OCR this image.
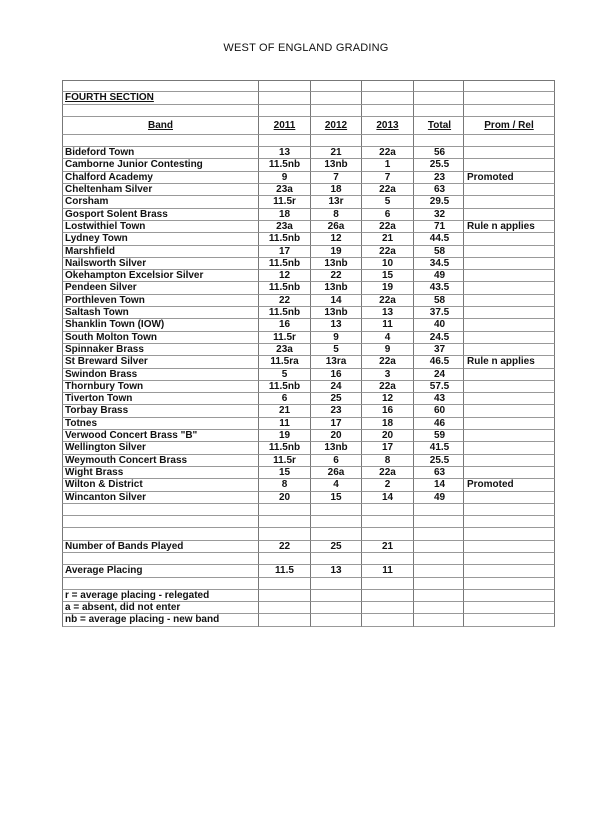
WEST OF ENGLAND GRADING
FOURTH SECTION
Band	2011	2012	2013	Total	Prom / Rel
Bideford Town	13	21	22a	56
Camborne Junior Contesting	11.5nb	13nb	1	25.5
Chalford Academy	9	7	7	23	Promoted
Cheltenham Silver	23a	18	22a	63
Corsham	11.5r	13r	5	29.5
Gosport Solent Brass	18	8	6	32
Lostwithiel Town	23a	26a	22a	71	Rule n applies
Lydney Town	11.5nb	12	21	44.5
Marshfield	17	19	22a	58
Nailsworth Silver	11.5nb	13nb	10	34.5
Okehampton Excelsior Silver	12	22	15	49
Pendeen Silver	11.5nb	13nb	19	43.5
Porthleven Town	22	14	22a	58
Saltash Town	11.5nb	13nb	13	37.5
Shanklin Town (IOW)	16	13	11	40
South Molton Town	11.5r	9	4	24.5
Spinnaker Brass	23a	5	9	37
St Breward Silver	11.5ra	13ra	22a	46.5	Rule n applies
Swindon Brass	5	16	3	24
Thornbury Town	11.5nb	24	22a	57.5
Tiverton Town	6	25	12	43
Torbay Brass	21	23	16	60
Totnes	11	17	18	46
Verwood Concert Brass "B"	19	20	20	59
Wellington Silver	11.5nb	13nb	17	41.5
Weymouth Concert Brass	11.5r	6	8	25.5
Wight Brass	15	26a	22a	63
Wilton & District	8	4	2	14	Promoted
Wincanton Silver	20	15	14	49
Number of Bands Played	22	25	21
Average Placing	11.5	13	11
r = average placing - relegated
a = absent, did not enter
nb = average placing - new band
